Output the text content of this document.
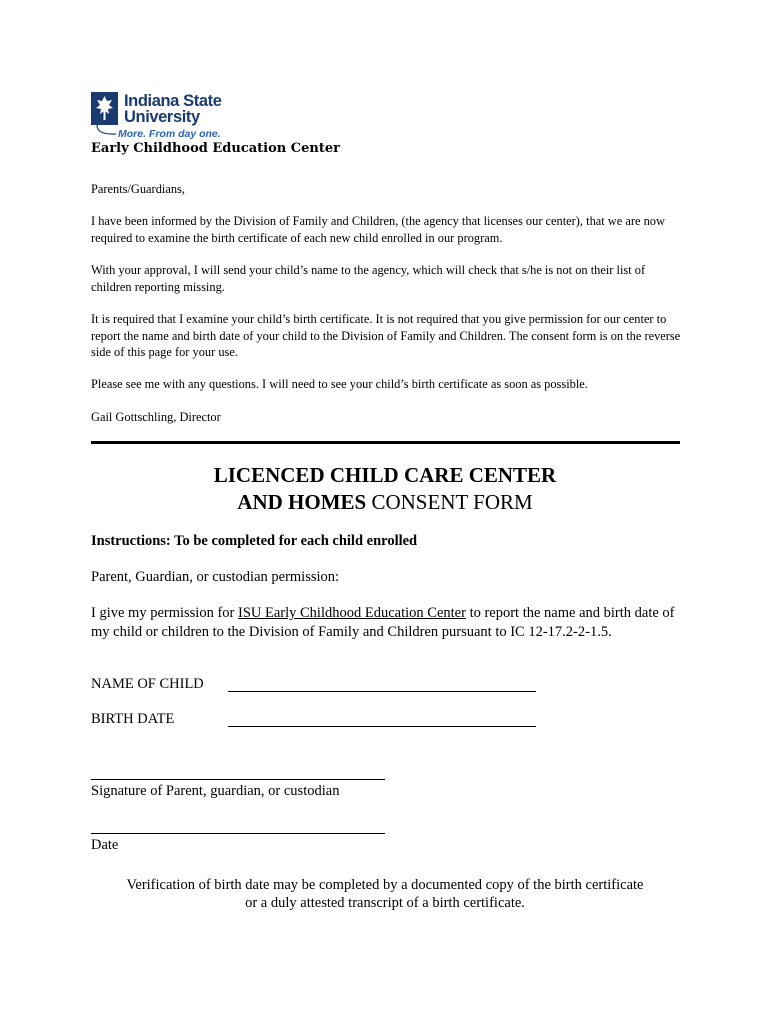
Indiana State
University
More. From day one.
Early Childhood Education Center
Parents/Guardians,
I have been informed by the Division of Family and Children, (the agency that licenses our center), that we are now required to examine the birth certificate of each new child enrolled in our program.
With your approval, I will send your child’s name to the agency, which will check that s/he is not on their list of children reporting missing.
It is required that I examine your child’s birth certificate. It is not required that you give permission for our center to report the name and birth date of your child to the Division of Family and Children. The consent form is on the reverse side of this page for your use.
Please see me with any questions. I will need to see your child’s birth certificate as soon as possible.
Gail Gottschling, Director
LICENCED CHILD CARE CENTER
AND HOMES CONSENT FORM
Instructions: To be completed for each child enrolled
Parent, Guardian, or custodian permission:
I give my permission for ISU Early Childhood Education Center to report the name and birth date of my child or children to the Division of Family and Children pursuant to IC 12-17.2-2-1.5.
NAME OF CHILD
BIRTH DATE
Signature of Parent, guardian, or custodian
Date
Verification of birth date may be completed by a documented copy of the birth certificate
or a duly attested transcript of a birth certificate.
